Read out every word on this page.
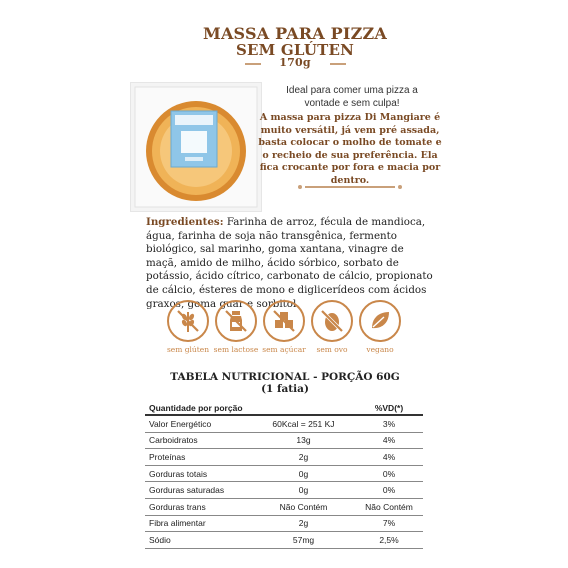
MASSA PARA PIZZA
SEM GLÚTEN
170g
Ideal para comer uma pizza a vontade e sem culpa!
A massa para pizza Di Mangiare é muito versátil, já vem pré assada, basta colocar o molho de tomate e o recheio de sua preferência. Ela fica crocante por fora e macia por dentro.
Ingredientes: Farinha de arroz, fécula de mandioca, água, farinha de soja não transgênica, fermento biológico, sal marinho, goma xantana, vinagre de maçã, amido de milho, ácido sórbico, sorbato de potássio, ácido cítrico, carbonato de cálcio, propionato de cálcio, ésteres de mono e diglicerídeos com ácidos graxos, goma guar e sorbitol.
sem glúten sem lactose sem açúcar	sem ovo	vegano
TABELA NUTRICIONAL - PORÇÃO 60G
(1 fatia)
Quantidade por porção		%VD(*)
Valor Energético	60Kcal = 251 KJ	3%
Carboidratos	13g	4%
Proteínas	2g	4%
Gorduras totais	0g	0%
Gorduras saturadas	0g	0%
Gorduras trans	Não Contém	Não Contém
Fibra alimentar	2g	7%
Sódio	57mg	2,5%
